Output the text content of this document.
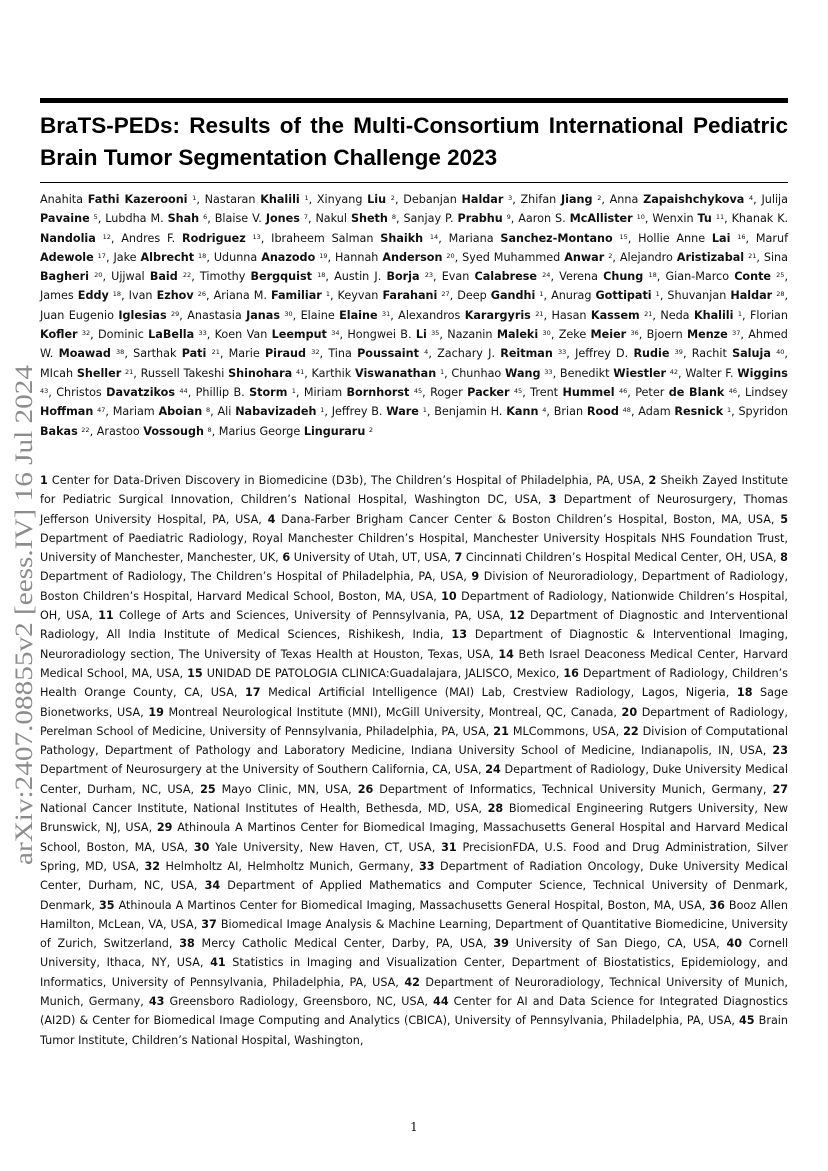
BraTS-PEDs: Results of the Multi-Consortium International Pediatric Brain Tumor Segmentation Challenge 2023
Anahita Fathi Kazerooni $^1$, Nastaran Khalili $^1$, Xinyang Liu $^2$, Debanjan Haldar $^3$, Zhifan Jiang $^2$, Anna Zapaishchykova $^4$, Julija Pavaine $^5$, Lubdha M. Shah $^6$, Blaise V. Jones $^7$, Nakul Sheth $^8$, Sanjay P. Prabhu $^9$, Aaron S. McAllister $^{10}$, Wenxin Tu $^{11}$, Khanak K. Nandolia $^{12}$, Andres F. Rodriguez $^{13}$, Ibraheem Salman Shaikh $^{14}$, Mariana Sanchez-Montano $^{15}$, Hollie Anne Lai $^{16}$, Maruf Adewole $^{17}$, Jake Albrecht $^{18}$, Udunna Anazodo $^{19}$, Hannah Anderson $^{20}$, Syed Muhammed Anwar $^2$, Alejandro Aristizabal $^{21}$, Sina Bagheri $^{20}$, Ujjwal Baid $^{22}$, Timothy Bergquist $^{18}$, Austin J. Borja $^{23}$, Evan Calabrese $^{24}$, Verena Chung $^{18}$, Gian-Marco Conte $^{25}$, James Eddy $^{18}$, Ivan Ezhov $^{26}$, Ariana M. Familiar $^1$, Keyvan Farahani $^{27}$, Deep Gandhi $^1$, Anurag Gottipati $^1$, Shuvanjan Haldar $^{28}$, Juan Eugenio Iglesias $^{29}$, Anastasia Janas $^{30}$, Elaine Elaine $^{31}$, Alexandros Karargyris $^{21}$, Hasan Kassem $^{21}$, Neda Khalili $^1$, Florian Kofler $^{32}$, Dominic LaBella $^{33}$, Koen Van Leemput $^{34}$, Hongwei B. Li $^{35}$, Nazanin Maleki $^{30}$, Zeke Meier $^{36}$, Bjoern Menze $^{37}$, Ahmed W. Moawad $^{38}$, Sarthak Pati $^{21}$, Marie Piraud $^{32}$, Tina Poussaint $^4$, Zachary J. Reitman $^{33}$, Jeffrey D. Rudie $^{39}$, Rachit Saluja $^{40}$, MIcah Sheller $^{21}$, Russell Takeshi Shinohara $^{41}$, Karthik Viswanathan $^1$, Chunhao Wang $^{33}$, Benedikt Wiestler $^{42}$, Walter F. Wiggins $^{43}$, Christos Davatzikos $^{44}$, Phillip B. Storm $^1$, Miriam Bornhorst $^{45}$, Roger Packer $^{45}$, Trent Hummel $^{46}$, Peter de Blank $^{46}$, Lindsey Hoffman $^{47}$, Mariam Aboian $^8$, Ali Nabavizadeh $^1$, Jeffrey B. Ware $^1$, Benjamin H. Kann $^4$, Brian Rood $^{48}$, Adam Resnick $^1$, Spyridon Bakas $^{22}$, Arastoo Vossough $^8$, Marius George Linguraru $^2$
1 Center for Data-Driven Discovery in Biomedicine (D3b), The Children’s Hospital of Philadelphia, PA, USA, 2 Sheikh Zayed Institute for Pediatric Surgical Innovation, Children’s National Hospital, Washington DC, USA, 3 Department of Neurosurgery, Thomas Jefferson University Hospital, PA, USA, 4 Dana-Farber Brigham Cancer Center & Boston Children’s Hospital, Boston, MA, USA, 5 Department of Paediatric Radiology, Royal Manchester Children’s Hospital, Manchester University Hospitals NHS Foundation Trust, University of Manchester, Manchester, UK, 6 University of Utah, UT, USA, 7 Cincinnati Children’s Hospital Medical Center, OH, USA, 8 Department of Radiology, The Children’s Hospital of Philadelphia, PA, USA, 9 Division of Neuroradiology, Department of Radiology, Boston Children’s Hospital, Harvard Medical School, Boston, MA, USA, 10 Department of Radiology, Nationwide Children’s Hospital, OH, USA, 11 College of Arts and Sciences, University of Pennsylvania, PA, USA, 12 Department of Diagnostic and Interventional Radiology, All India Institute of Medical Sciences, Rishikesh, India, 13 Department of Diagnostic & Interventional Imaging, Neuroradiology section, The University of Texas Health at Houston, Texas, USA, 14 Beth Israel Deaconess Medical Center, Harvard Medical School, MA, USA, 15 UNIDAD DE PATOLOGIA CLINICA:Guadalajara, JALISCO, Mexico, 16 Department of Radiology, Children’s Health Orange County, CA, USA, 17 Medical Artificial Intelligence (MAI) Lab, Crestview Radiology, Lagos, Nigeria, 18 Sage Bionetworks, USA, 19 Montreal Neurological Institute (MNI), McGill University, Montreal, QC, Canada, 20 Department of Radiology, Perelman School of Medicine, University of Pennsylvania, Philadelphia, PA, USA, 21 MLCommons, USA, 22 Division of Computational Pathology, Department of Pathology and Laboratory Medicine, Indiana University School of Medicine, Indianapolis, IN, USA, 23 Department of Neurosurgery at the University of Southern California, CA, USA, 24 Department of Radiology, Duke University Medical Center, Durham, NC, USA, 25 Mayo Clinic, MN, USA, 26 Department of Informatics, Technical University Munich, Germany, 27 National Cancer Institute, National Institutes of Health, Bethesda, MD, USA, 28 Biomedical Engineering Rutgers University, New Brunswick, NJ, USA, 29 Athinoula A Martinos Center for Biomedical Imaging, Massachusetts General Hospital and Harvard Medical School, Boston, MA, USA, 30 Yale University, New Haven, CT, USA, 31 PrecisionFDA, U.S. Food and Drug Administration, Silver Spring, MD, USA, 32 Helmholtz AI, Helmholtz Munich, Germany, 33 Department of Radiation Oncology, Duke University Medical Center, Durham, NC, USA, 34 Department of Applied Mathematics and Computer Science, Technical University of Denmark, Denmark, 35 Athinoula A Martinos Center for Biomedical Imaging, Massachusetts General Hospital, Boston, MA, USA, 36 Booz Allen Hamilton, McLean, VA, USA, 37 Biomedical Image Analysis & Machine Learning, Department of Quantitative Biomedicine, University of Zurich, Switzerland, 38 Mercy Catholic Medical Center, Darby, PA, USA, 39 University of San Diego, CA, USA, 40 Cornell University, Ithaca, NY, USA, 41 Statistics in Imaging and Visualization Center, Department of Biostatistics, Epidemiology, and Informatics, University of Pennsylvania, Philadelphia, PA, USA, 42 Department of Neuroradiology, Technical University of Munich, Munich, Germany, 43 Greensboro Radiology, Greensboro, NC, USA, 44 Center for AI and Data Science for Integrated Diagnostics (AI2D) & Center for Biomedical Image Computing and Analytics (CBICA), University of Pennsylvania, Philadelphia, PA, USA, 45 Brain Tumor Institute, Children’s National Hospital, Washington,
arXiv:2407.08855v2 [eess.IV] 16 Jul 2024
1
